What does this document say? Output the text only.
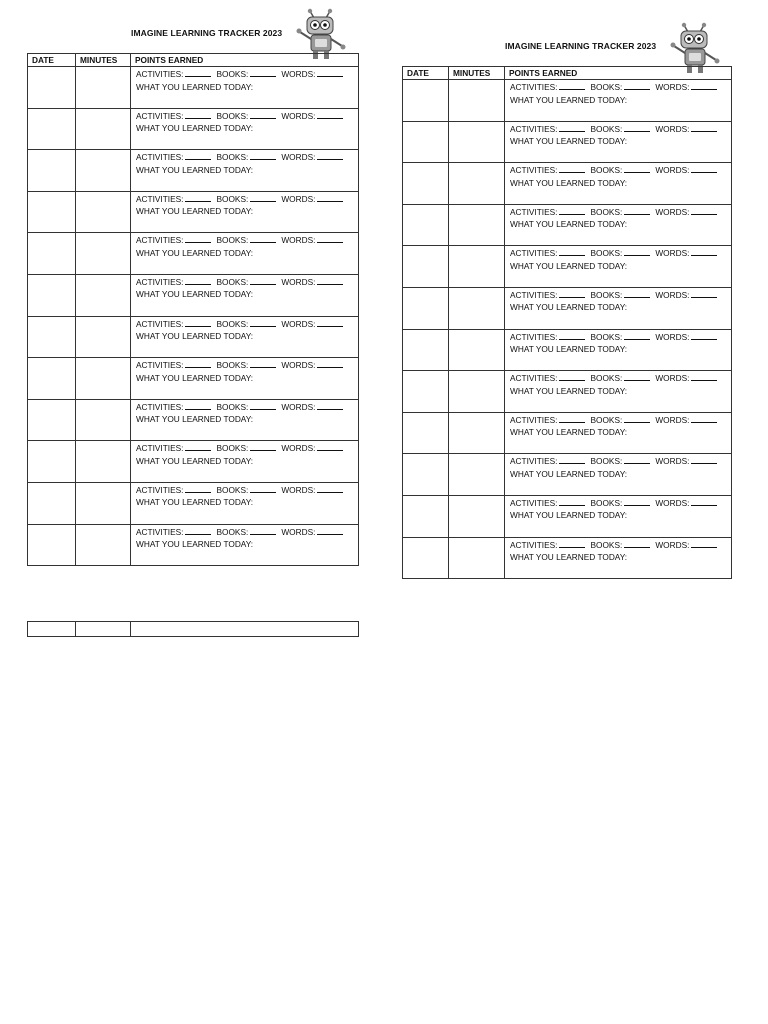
IMAGINE LEARNING TRACKER 2023
DATE	MINUTES	POINTS EARNED

		ACTIVITIES: BOOKS: WORDS:
WHAT YOU LEARNED TODAY:

		ACTIVITIES: BOOKS: WORDS:
WHAT YOU LEARNED TODAY:

		ACTIVITIES: BOOKS: WORDS:
WHAT YOU LEARNED TODAY:

		ACTIVITIES: BOOKS: WORDS:
WHAT YOU LEARNED TODAY:

		ACTIVITIES: BOOKS: WORDS:
WHAT YOU LEARNED TODAY:

		ACTIVITIES: BOOKS: WORDS:
WHAT YOU LEARNED TODAY:

		ACTIVITIES: BOOKS: WORDS:
WHAT YOU LEARNED TODAY:

		ACTIVITIES: BOOKS: WORDS:
WHAT YOU LEARNED TODAY:

		ACTIVITIES: BOOKS: WORDS:
WHAT YOU LEARNED TODAY:

		ACTIVITIES: BOOKS: WORDS:
WHAT YOU LEARNED TODAY:

		ACTIVITIES: BOOKS: WORDS:
WHAT YOU LEARNED TODAY:

		ACTIVITIES: BOOKS: WORDS:
WHAT YOU LEARNED TODAY:

IMAGINE LEARNING TRACKER 2023
DATE	MINUTES	POINTS EARNED

		ACTIVITIES: BOOKS: WORDS:
WHAT YOU LEARNED TODAY:

		ACTIVITIES: BOOKS: WORDS:
WHAT YOU LEARNED TODAY:

		ACTIVITIES: BOOKS: WORDS:
WHAT YOU LEARNED TODAY:

		ACTIVITIES: BOOKS: WORDS:
WHAT YOU LEARNED TODAY:

		ACTIVITIES: BOOKS: WORDS:
WHAT YOU LEARNED TODAY:

		ACTIVITIES: BOOKS: WORDS:
WHAT YOU LEARNED TODAY:

		ACTIVITIES: BOOKS: WORDS:
WHAT YOU LEARNED TODAY:

		ACTIVITIES: BOOKS: WORDS:
WHAT YOU LEARNED TODAY:

		ACTIVITIES: BOOKS: WORDS:
WHAT YOU LEARNED TODAY:

		ACTIVITIES: BOOKS: WORDS:
WHAT YOU LEARNED TODAY:

		ACTIVITIES: BOOKS: WORDS:
WHAT YOU LEARNED TODAY:

		ACTIVITIES: BOOKS: WORDS:
WHAT YOU LEARNED TODAY:
